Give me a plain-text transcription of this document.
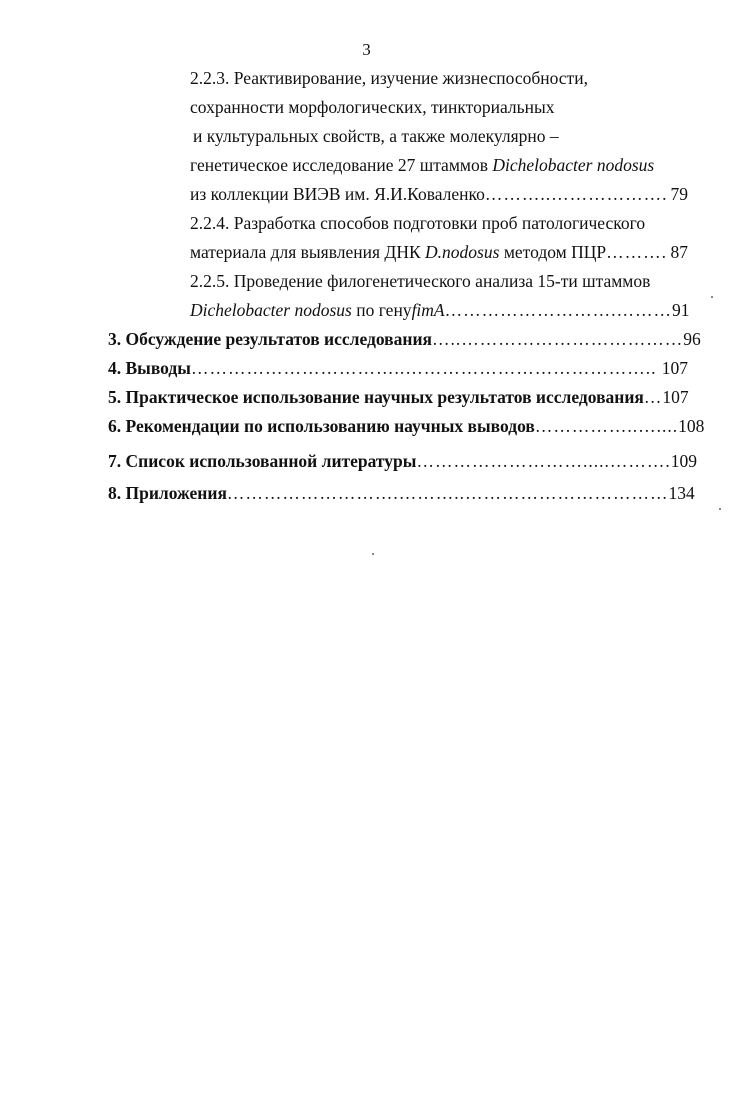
3
2.2.3. Реактивирование, изучение жизнеспособности,
сохранности морфологических, тинкториальных
и культуральных свойств, а также молекулярно –
генетическое исследование 27 штаммов Dichelobacter nodosus
из коллекции ВИЭВ им. Я.И.Коваленко ………..………………. 79
2.2.4. Разработка способов подготовки проб патологического
материала для выявления ДНК
D.nodosus
методом ПЦР ………. 87
2.2.5. Проведение филогенетического анализа 15-ти штаммов
Dichelobacter nodosus
по гену fimA ……………………….……… 91
3. Обсуждение результатов исследования …..……………………………… 96
4. Выводы ……………………………..………………………………….. 107
5. Практическое использование научных результатов исследования … 107
6. Рекомендации по использованию научных выводов ……………..….... 108
7. Список использованной литературы ……………………….....………. 109
8. Приложения ……………………….………..…………………………… 134
